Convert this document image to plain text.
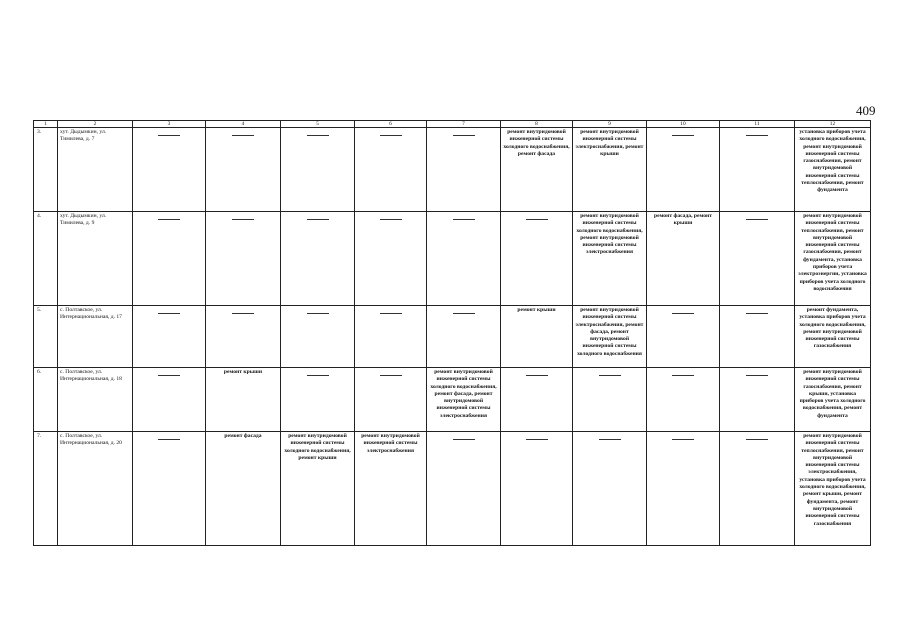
409
1	2	3	4	5	6	7	8	9	10	11	12
3.	хут. Дыдымкин, ул. Тимилева, д. 7						ремонт внутридомовой инженерной системы холодного водоснабжения, ремонт фасада	ремонт внутридомовой инженерной системы электроснабжения, ремонт крыши			установка приборов учета холодного водоснабжения, ремонт внутридомовой инженерной системы газоснабжения, ремонт внутридомовой инженерной системы теплоснабжения, ремонт фундамента
4.	хут. Дыдымкин, ул. Тимилева, д. 9							ремонт внутридомовой инженерной системы холодного водоснабжения, ремонт внутридомовой инженерной системы электроснабжения	ремонт фасада, ремонт крыши		ремонт внутридомовой инженерной системы теплоснабжения, ремонт внутридомовой инженерной системы газоснабжения, ремонт фундамента, установка приборов учета электроэнергии, установка приборов учета холодного водоснабжения
5.	с. Полтавское, ул. Интернациональная, д. 17						ремонт крыши	ремонт внутридомовой инженерной системы электроснабжения, ремонт фасада, ремонт внутридомовой инженерной системы холодного водоснабжения			ремонт фундамента, установка приборов учета холодного водоснабжения, ремонт внутридомовой инженерной системы газоснабжения
6.	с. Полтавское, ул. Интернациональная, д. 18		ремонт крыши			ремонт внутридомовой инженерной системы холодного водоснабжения, ремонт фасада, ремонт внутридомовой инженерной системы электроснабжения					ремонт внутридомовой инженерной системы газоснабжения, ремонт крыши, установка приборов учета холодного водоснабжения, ремонт фундамента
7.	с. Полтавское, ул. Интернациональная, д. 20		ремонт фасада	ремонт внутридомовой инженерной системы холодного водоснабжения, ремонт крыши	ремонт внутридомовой инженерной системы электроснабжения						ремонт внутридомовой инженерной системы теплоснабжения, ремонт внутридомовой инженерной системы электроснабжения, установка приборов учета холодного водоснабжения, ремонт крыши, ремонт фундамента, ремонт внутридомовой инженерной системы газоснабжения
